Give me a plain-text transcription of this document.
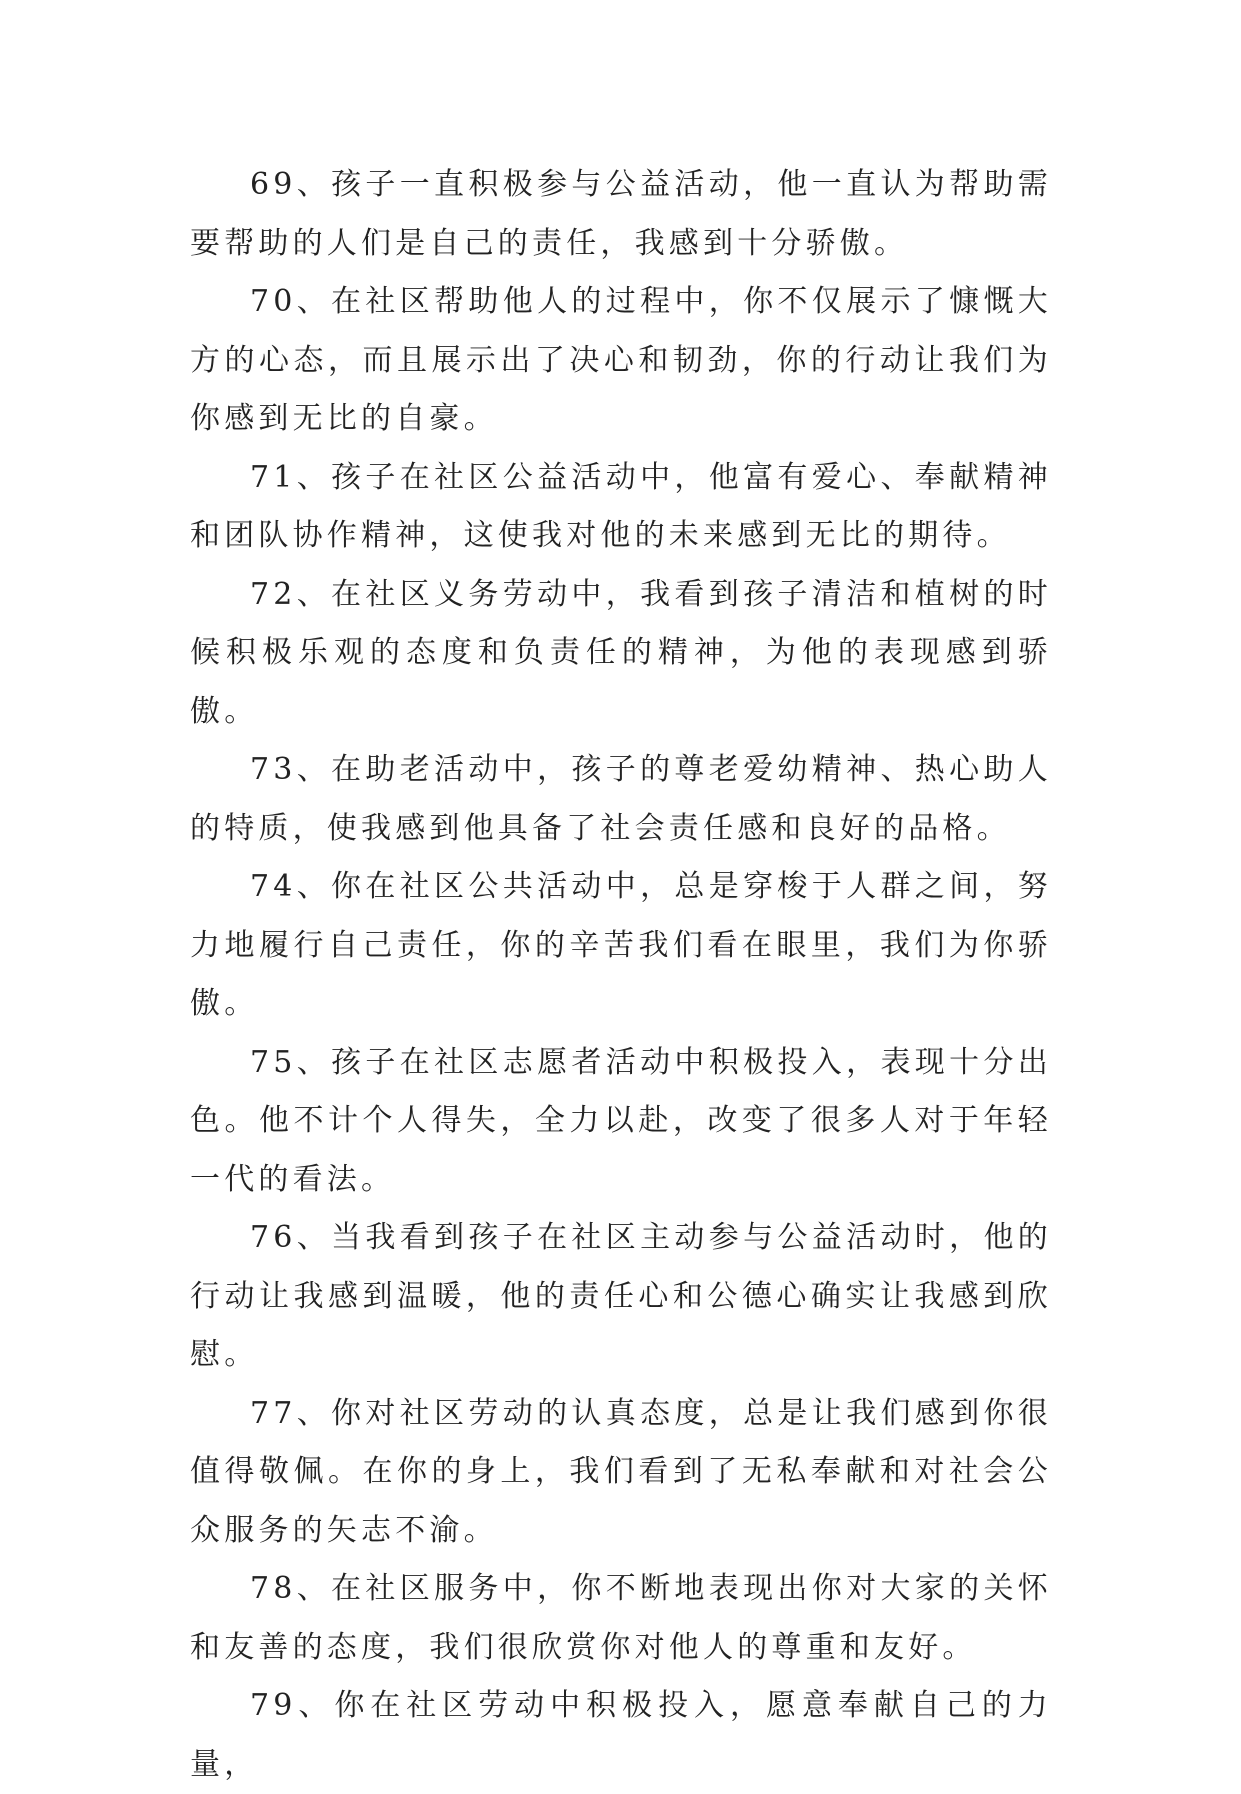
69、孩子一直积极参与公益活动，他一直认为帮助需要帮助的人们是自己的责任，我感到十分骄傲。

70、在社区帮助他人的过程中，你不仅展示了慷慨大方的心态，而且展示出了决心和韧劲，你的行动让我们为你感到无比的自豪。

71、孩子在社区公益活动中，他富有爱心、奉献精神和团队协作精神，这使我对他的未来感到无比的期待。

72、在社区义务劳动中，我看到孩子清洁和植树的时候积极乐观的态度和负责任的精神，为他的表现感到骄傲。

73、在助老活动中，孩子的尊老爱幼精神、热心助人的特质，使我感到他具备了社会责任感和良好的品格。

74、你在社区公共活动中，总是穿梭于人群之间，努力地履行自己责任，你的辛苦我们看在眼里，我们为你骄傲。

75、孩子在社区志愿者活动中积极投入，表现十分出色。他不计个人得失，全力以赴，改变了很多人对于年轻一代的看法。

76、当我看到孩子在社区主动参与公益活动时，他的行动让我感到温暖，他的责任心和公德心确实让我感到欣慰。

77、你对社区劳动的认真态度，总是让我们感到你很值得敬佩。在你的身上，我们看到了无私奉献和对社会公众服务的矢志不渝。

78、在社区服务中，你不断地表现出你对大家的关怀和友善的态度，我们很欣赏你对他人的尊重和友好。

79、你在社区劳动中积极投入，愿意奉献自己的力量，
